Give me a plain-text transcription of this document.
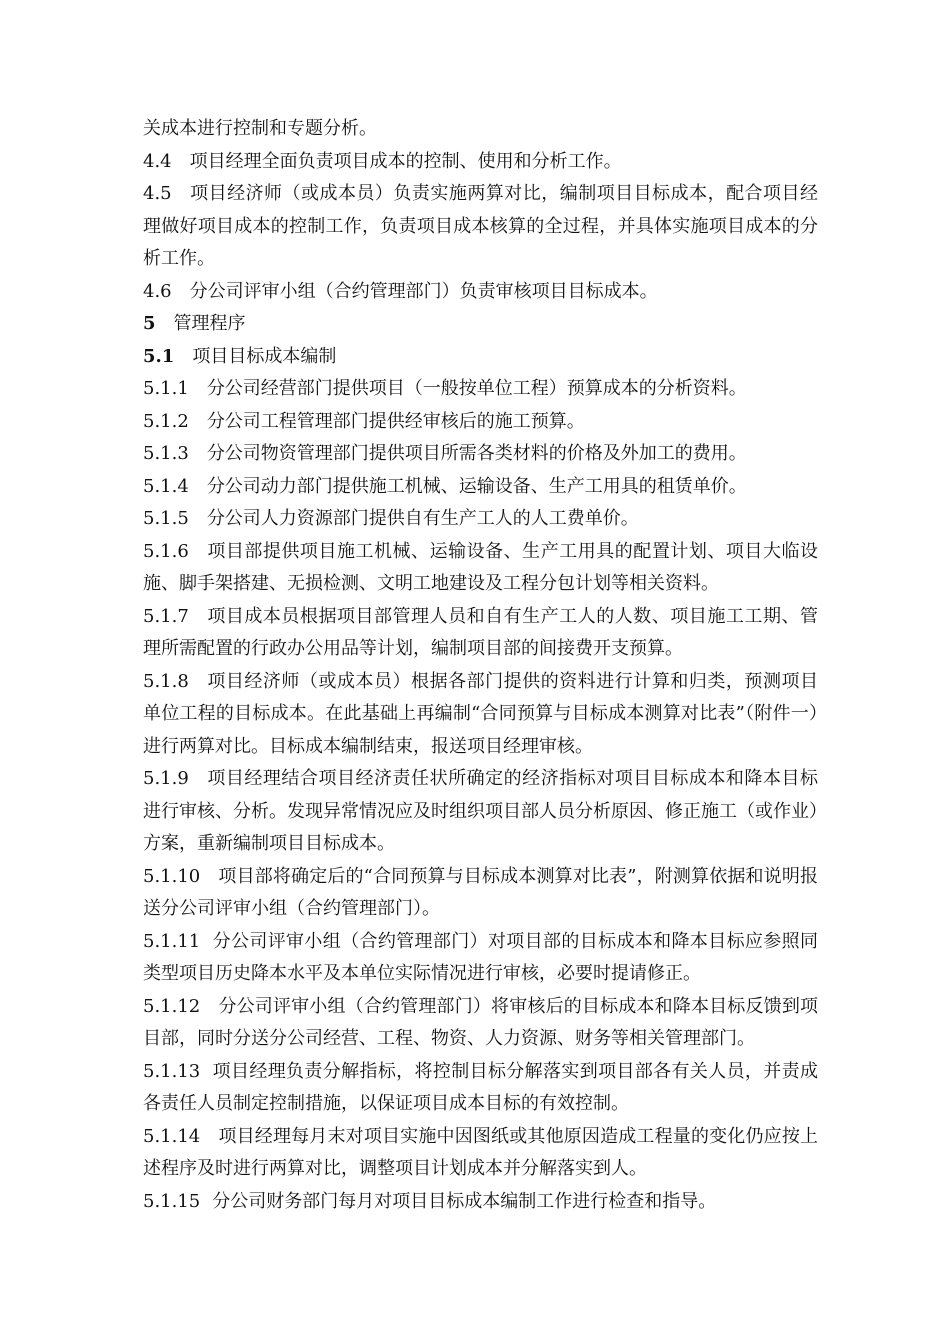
关成本进行控制和专题分析。

4.4 项目经理全面负责项目成本的控制、使用和分析工作。

4.5 项目经济师（或成本员）负责实施两算对比，编制项目目标成本，配合项目经理做好项目成本的控制工作，负责项目成本核算的全过程，并具体实施项目成本的分析工作。

4.6 分公司评审小组（合约管理部门）负责审核项目目标成本。

5 管理程序

5.1 项目目标成本编制

5.1.1 分公司经营部门提供项目（一般按单位工程）预算成本的分析资料。

5.1.2 分公司工程管理部门提供经审核后的施工预算。

5.1.3 分公司物资管理部门提供项目所需各类材料的价格及外加工的费用。

5.1.4 分公司动力部门提供施工机械、运输设备、生产工用具的租赁单价。

5.1.5 分公司人力资源部门提供自有生产工人的人工费单价。

5.1.6 项目部提供项目施工机械、运输设备、生产工用具的配置计划、项目大临设施、脚手架搭建、无损检测、文明工地建设及工程分包计划等相关资料。

5.1.7 项目成本员根据项目部管理人员和自有生产工人的人数、项目施工工期、管理所需配置的行政办公用品等计划，编制项目部的间接费开支预算。

5.1.8 项目经济师（或成本员）根据各部门提供的资料进行计算和归类，预测项目单位工程的目标成本。在此基础上再编制“合同预算与目标成本测算对比表”（附件一）进行两算对比。目标成本编制结束，报送项目经理审核。

5.1.9 项目经理结合项目经济责任状所确定的经济指标对项目目标成本和降本目标进行审核、分析。发现异常情况应及时组织项目部人员分析原因、修正施工（或作业）方案，重新编制项目目标成本。

5.1.10 项目部将确定后的“合同预算与目标成本测算对比表”，附测算依据和说明报送分公司评审小组（合约管理部门）。

5.1.11 分公司评审小组（合约管理部门）对项目部的目标成本和降本目标应参照同类型项目历史降本水平及本单位实际情况进行审核，必要时提请修正。

5.1.12 分公司评审小组（合约管理部门）将审核后的目标成本和降本目标反馈到项目部，同时分送分公司经营、工程、物资、人力资源、财务等相关管理部门。

5.1.13 项目经理负责分解指标，将控制目标分解落实到项目部各有关人员，并责成各责任人员制定控制措施，以保证项目成本目标的有效控制。

5.1.14 项目经理每月末对项目实施中因图纸或其他原因造成工程量的变化仍应按上述程序及时进行两算对比，调整项目计划成本并分解落实到人。

5.1.15 分公司财务部门每月对项目目标成本编制工作进行检查和指导。
